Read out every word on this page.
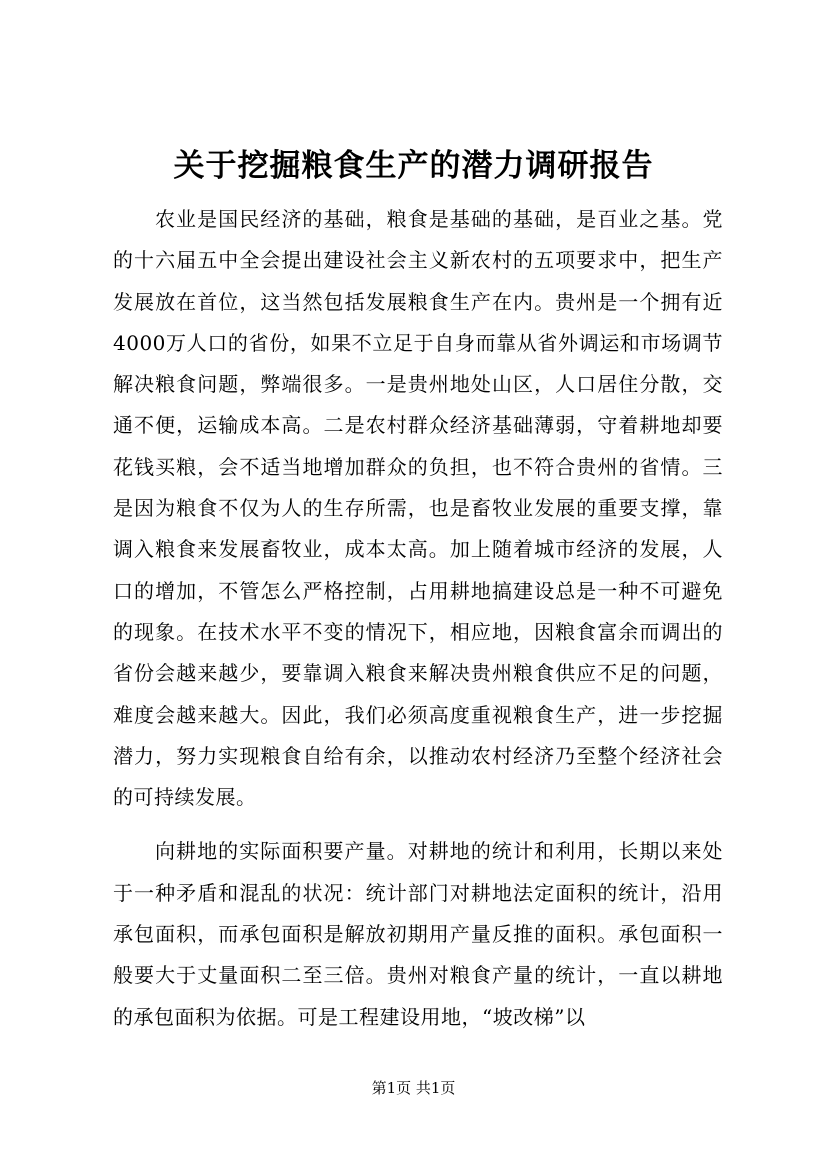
关于挖掘粮食生产的潜力调研报告

农业是国民经济的基础，粮食是基础的基础，是百业之基。党的十六届五中全会提出建设社会主义新农村的五项要求中，把生产发展放在首位，这当然包括发展粮食生产在内。贵州是一个拥有近4000万人口的省份，如果不立足于自身而靠从省外调运和市场调节解决粮食问题，弊端很多。一是贵州地处山区，人口居住分散，交通不便，运输成本高。二是农村群众经济基础薄弱，守着耕地却要花钱买粮，会不适当地增加群众的负担，也不符合贵州的省情。三是因为粮食不仅为人的生存所需，也是畜牧业发展的重要支撑，靠调入粮食来发展畜牧业，成本太高。加上随着城市经济的发展，人口的增加，不管怎么严格控制，占用耕地搞建设总是一种不可避免的现象。在技术水平不变的情况下，相应地，因粮食富余而调出的省份会越来越少，要靠调入粮食来解决贵州粮食供应不足的问题，难度会越来越大。因此，我们必须高度重视粮食生产，进一步挖掘潜力，努力实现粮食自给有余，以推动农村经济乃至整个经济社会的可持续发展。

向耕地的实际面积要产量。对耕地的统计和利用，长期以来处于一种矛盾和混乱的状况：统计部门对耕地法定面积的统计，沿用承包面积，而承包面积是解放初期用产量反推的面积。承包面积一般要大于丈量面积二至三倍。贵州对粮食产量的统计，一直以耕地的承包面积为依据。可是工程建设用地，“坡改梯”以

第1页 共1页
